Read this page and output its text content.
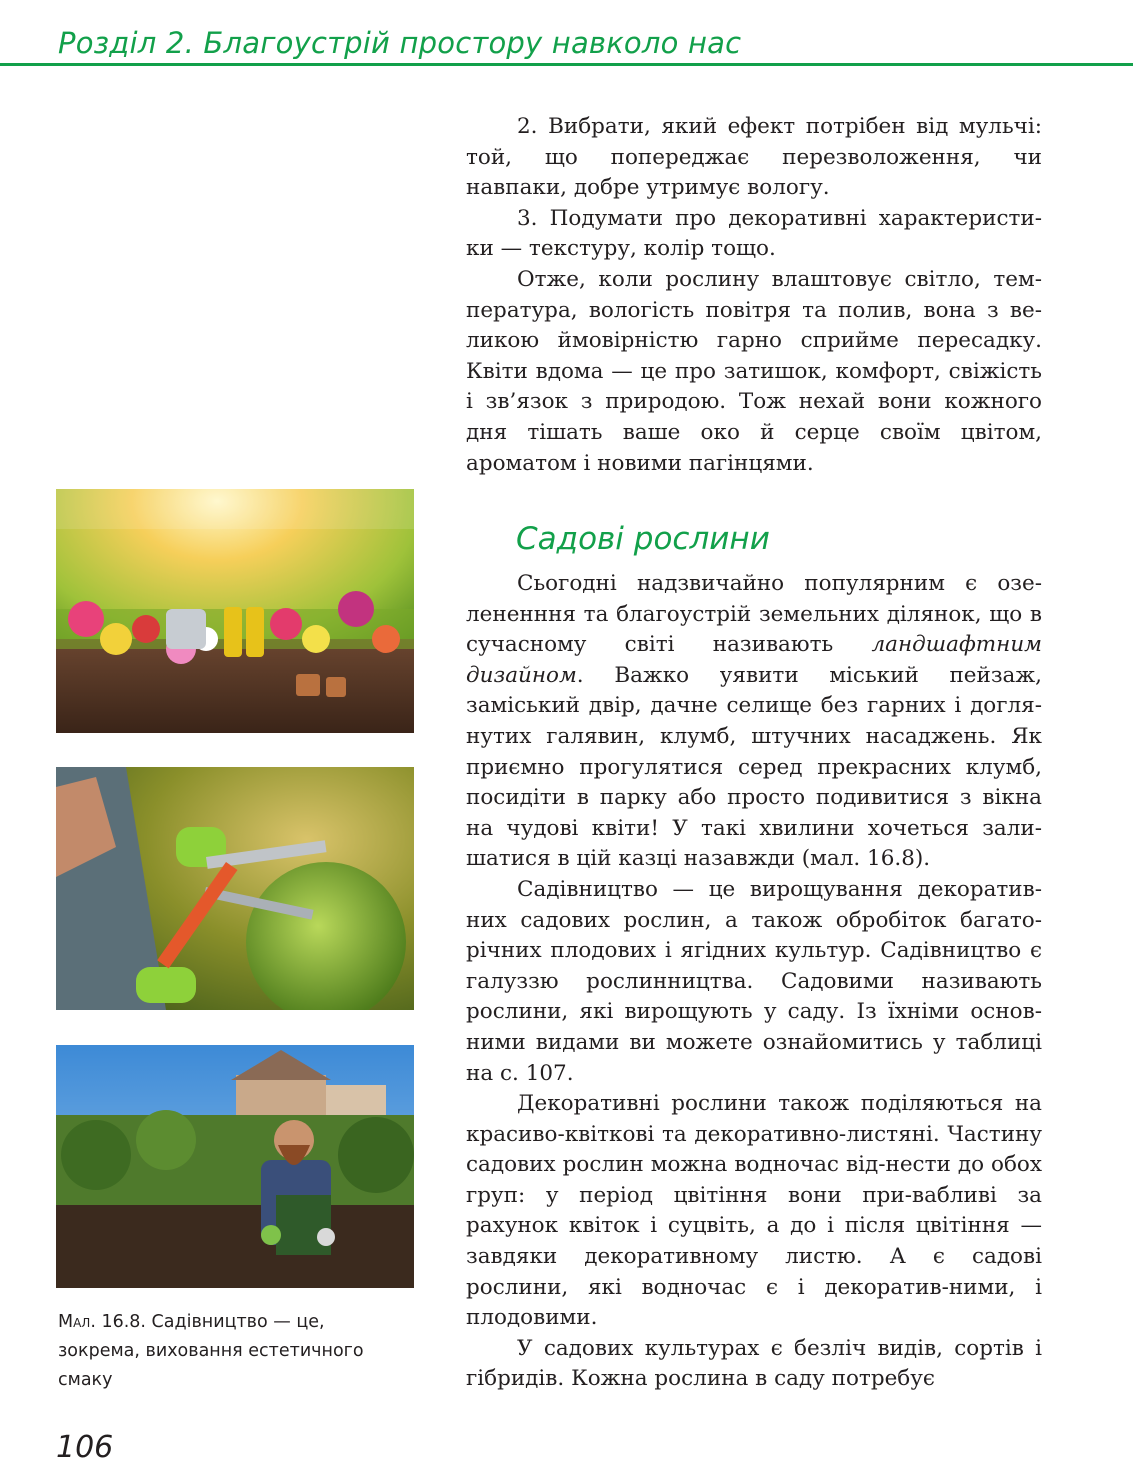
Розділ 2. Благоустрій простору навколо нас

2. Вибрати, який ефект потрібен від мульчі: той, що попереджає перезволоження, чи навпаки, добре утримує вологу.

3. Подумати про декоративні характеристи-ки — текстуру, колір тощо.

Отже, коли рослину влаштовує світло, тем-пература, вологість повітря та полив, вона з ве-ликою ймовірністю гарно сприйме пересадку. Квіти вдома — це про затишок, комфорт, свіжість і зв’язок з природою. Тож нехай вони кожного дня тішать ваше око й серце своїм цвітом, ароматом і новими пагінцями.

Садові рослини

Сьогодні надзвичайно популярним є озе-лененння та благоустрій земельних ділянок, що в сучасному світі називають ландшафтним дизайном. Важко уявити міський пейзаж, заміський двір, дачне селище без гарних і догля-нутих галявин, клумб, штучних насаджень. Як приємно прогулятися серед прекрасних клумб, посидіти в парку або просто подивитися з вікна на чудові квіти! У такі хвилини хочеться зали-шатися в цій казці назавжди (мал. 16.8).

Садівництво — це вирощування декоратив-них садових рослин, а також обробіток багато-річних плодових і ягідних культур. Садівництво є галуззю рослинництва. Садовими називають рослини, які вирощують у саду. Із їхніми основ-ними видами ви можете ознайомитись у таблиці на с. 107.

Декоративні рослини також поділяються на красиво-квіткові та декоративно-листяні. Частину садових рослин можна водночас від-нести до обох груп: у період цвітіння вони при-вабливі за рахунок квіток і суцвіть, а до і після цвітіння — завдяки декоративному листю. А є садові рослини, які водночас є і декоратив-ними, і плодовими.

У садових культурах є безліч видів, сортів і гібридів. Кожна рослина в саду потребує

Мал. 16.8. Садівництво — це, зокрема, виховання естетичного смаку
106
